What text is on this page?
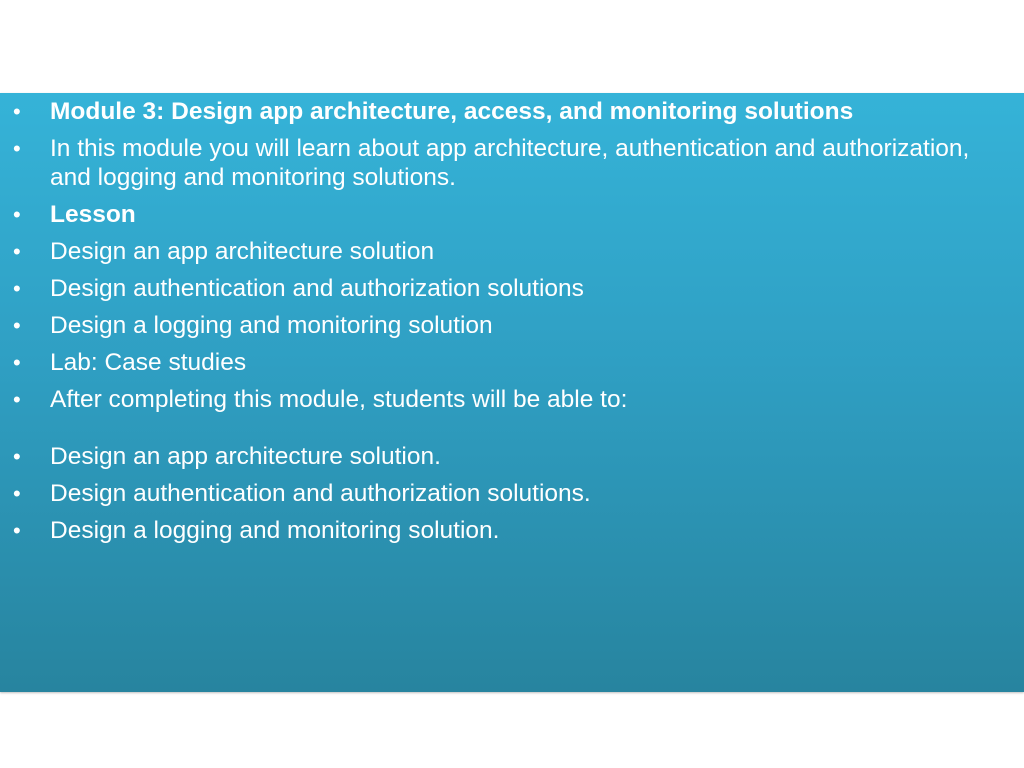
• Module 3: Design app architecture, access, and monitoring solutions
• In this module you will learn about app architecture, authentication and authorization, and logging and monitoring solutions.
• Lesson
• Design an app architecture solution
• Design authentication and authorization solutions
• Design a logging and monitoring solution
• Lab: Case studies
• After completing this module, students will be able to:
• Design an app architecture solution.
• Design authentication and authorization solutions.
• Design a logging and monitoring solution.
